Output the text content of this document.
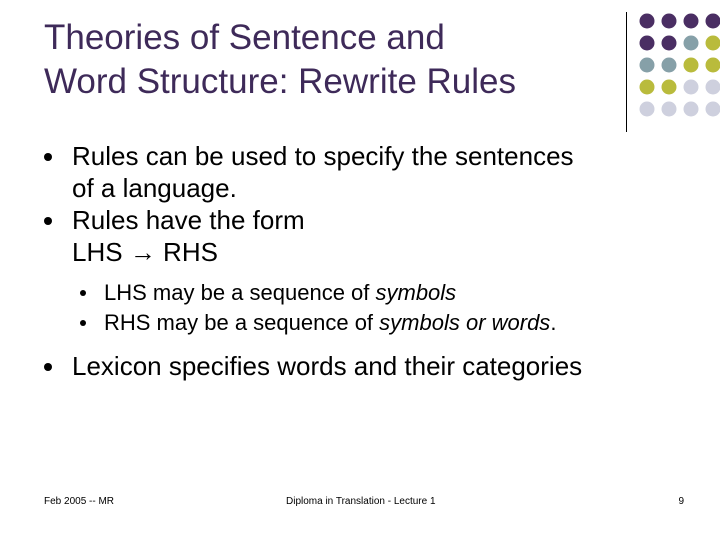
Theories of Sentence and
Word Structure: Rewrite Rules
Rules can be used to specify the sentences
of a language.
Rules have the form
LHS → RHS
LHS may be a sequence of symbols
RHS may be a sequence of symbols or words.
Lexicon specifies words and their categories
Feb 2005 -- MR	Diploma in Translation - Lecture 1	9
